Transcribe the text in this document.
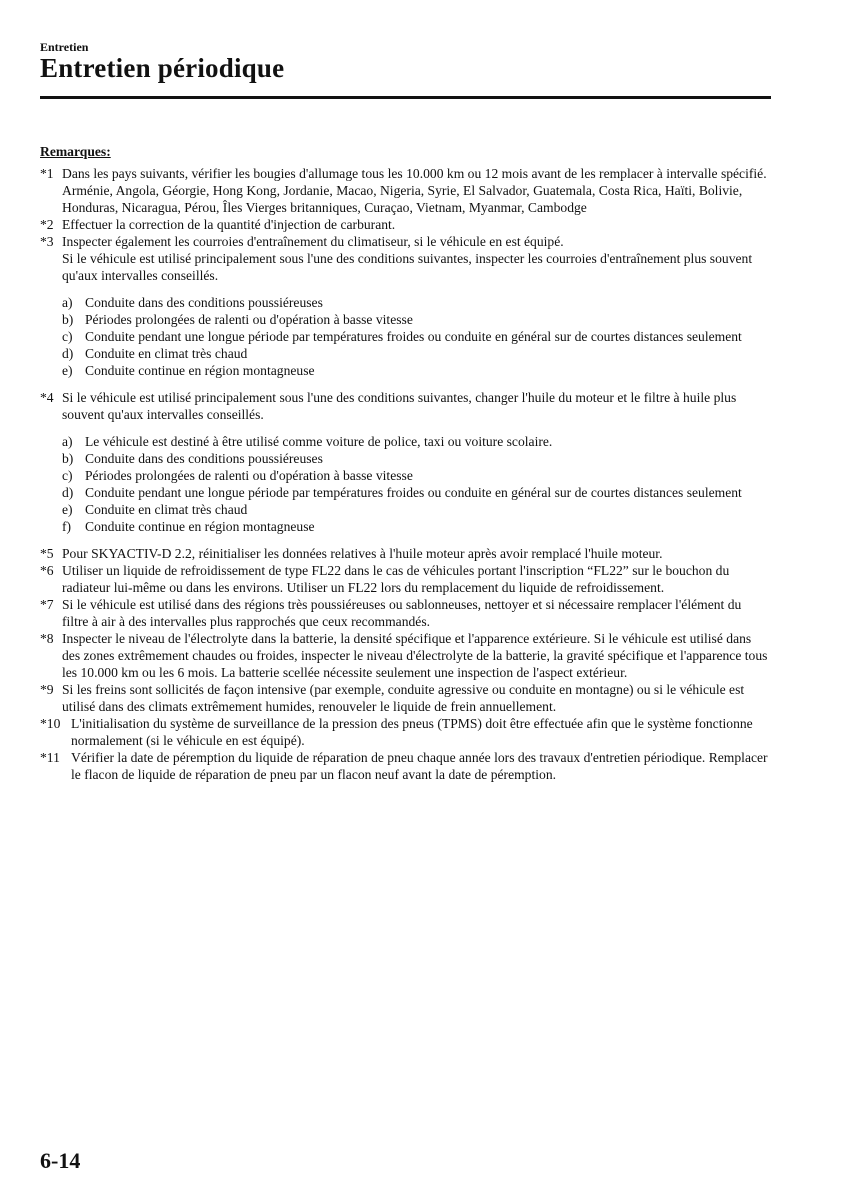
Entretien
Entretien périodique
Remarques:
*1 Dans les pays suivants, vérifier les bougies d'allumage tous les 10.000 km ou 12 mois avant de les remplacer à intervalle spécifié.
Arménie, Angola, Géorgie, Hong Kong, Jordanie, Macao, Nigeria, Syrie, El Salvador, Guatemala, Costa Rica, Haïti, Bolivie, Honduras, Nicaragua, Pérou, Îles Vierges britanniques, Curaçao, Vietnam, Myanmar, Cambodge
*2 Effectuer la correction de la quantité d'injection de carburant.
*3 Inspecter également les courroies d'entraînement du climatiseur, si le véhicule en est équipé.
Si le véhicule est utilisé principalement sous l'une des conditions suivantes, inspecter les courroies d'entraînement plus souvent qu'aux intervalles conseillés.
a) Conduite dans des conditions poussiéreuses
b) Périodes prolongées de ralenti ou d'opération à basse vitesse
c) Conduite pendant une longue période par températures froides ou conduite en général sur de courtes distances seulement
d) Conduite en climat très chaud
e) Conduite continue en région montagneuse
*4 Si le véhicule est utilisé principalement sous l'une des conditions suivantes, changer l'huile du moteur et le filtre à huile plus souvent qu'aux intervalles conseillés.
a) Le véhicule est destiné à être utilisé comme voiture de police, taxi ou voiture scolaire.
b) Conduite dans des conditions poussiéreuses
c) Périodes prolongées de ralenti ou d'opération à basse vitesse
d) Conduite pendant une longue période par températures froides ou conduite en général sur de courtes distances seulement
e) Conduite en climat très chaud
f)	Conduite continue en région montagneuse
*5 Pour SKYACTIV-D 2.2, réinitialiser les données relatives à l'huile moteur après avoir remplacé l'huile moteur.
*6 Utiliser un liquide de refroidissement de type FL22 dans le cas de véhicules portant l'inscription “FL22” sur le bouchon du radiateur lui-même ou dans les environs. Utiliser un FL22 lors du remplacement du liquide de refroidissement.
*7 Si le véhicule est utilisé dans des régions très poussiéreuses ou sablonneuses, nettoyer et si nécessaire remplacer l'élément du filtre à air à des intervalles plus rapprochés que ceux recommandés.
*8 Inspecter le niveau de l'électrolyte dans la batterie, la densité spécifique et l'apparence extérieure. Si le véhicule est utilisé dans des zones extrêmement chaudes ou froides, inspecter le niveau d'électrolyte de la batterie, la gravité spécifique et l'apparence tous les 10.000 km ou les 6 mois. La batterie scellée nécessite seulement une inspection de l'aspect extérieur.
*9 Si les freins sont sollicités de façon intensive (par exemple, conduite agressive ou conduite en montagne) ou si le véhicule est utilisé dans des climats extrêmement humides, renouveler le liquide de frein annuellement.
*10 L'initialisation du système de surveillance de la pression des pneus (TPMS) doit être effectuée afin que le système fonctionne normalement (si le véhicule en est équipé).
*11 Vérifier la date de péremption du liquide de réparation de pneu chaque année lors des travaux d'entretien périodique. Remplacer le flacon de liquide de réparation de pneu par un flacon neuf avant la date de péremption.
6-14
